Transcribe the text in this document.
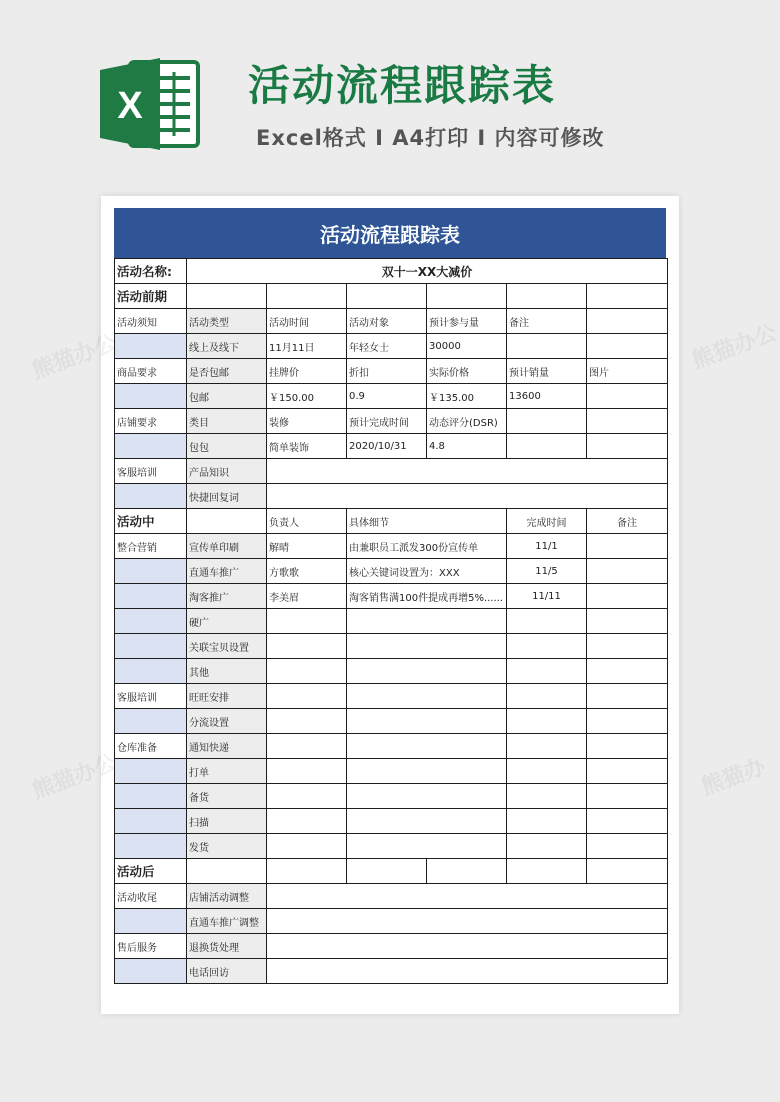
X	活动流程跟踪表

Excel格式 I A4打印 I 内容可修改

活动流程跟踪表
活动名称:	双十一XX大减价					
活动前期						
活动须知	活动类型	活动时间	活动对象	预计参与量	备注	
	线上及线下	11月11日	年轻女士	30000		
商品要求	是否包邮	挂牌价	折扣	实际价格	预计销量	图片
	包邮	￥150.00	0.9	￥135.00	13600	
店铺要求	类目	装修	预计完成时间	动态评分(DSR)		
	包包	简单装饰	2020/10/31	4.8		
客服培训	产品知识					
	快捷回复词					
活动中		负责人	具体细节		完成时间	备注
整合营销	宣传单印刷	解晴	由兼职员工派发300份宣传单		11/1	
	直通车推广	方歌歌	核心关键词设置为：XXX		11/5	
	淘客推广	李美眉	淘客销售满100件提成再增5%......		11/11	
	硬广					
	关联宝贝设置					
	其他					
客服培训	旺旺安排					
	分流设置					
仓库准备	通知快递					
	打单					
	备货					
	扫描					
	发货					
活动后						
活动收尾	店铺活动调整					
	直通车推广调整					
售后服务	退换货处理					
	电话回访					
熊猫办公	熊猫办公
熊猫办公	熊猫办
